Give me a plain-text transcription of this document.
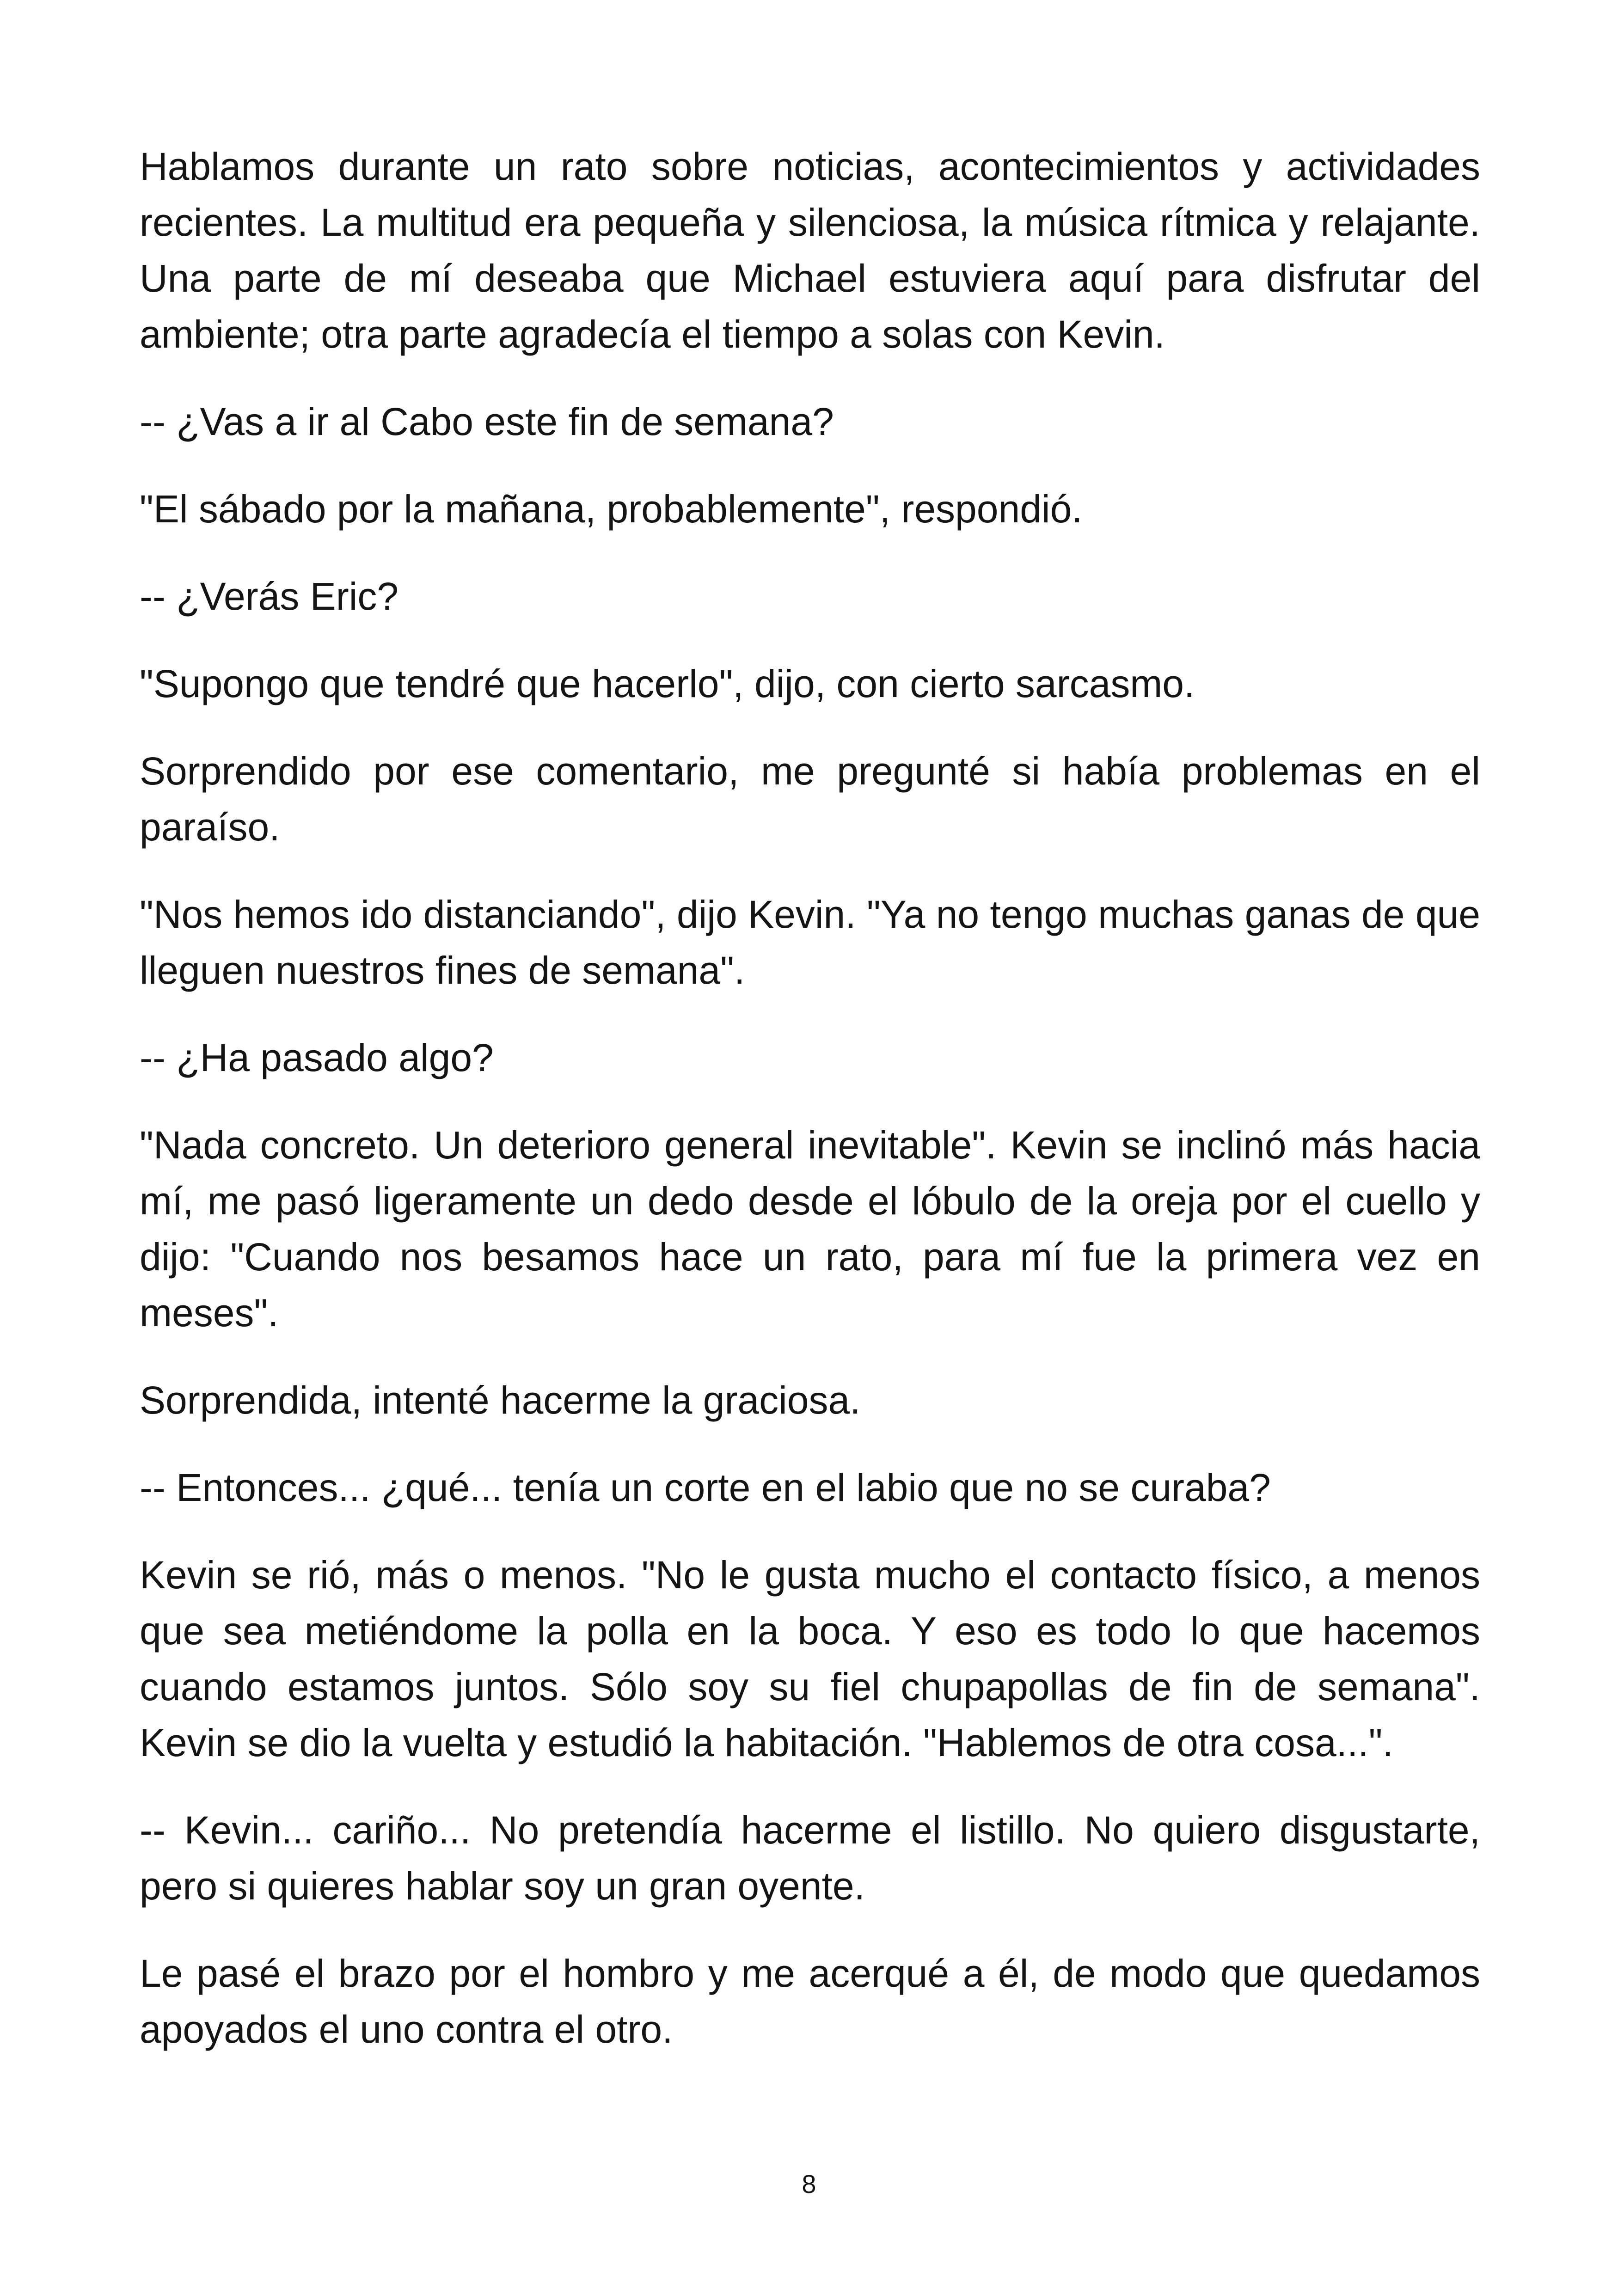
Hablamos durante un rato sobre noticias, acontecimientos y actividades recientes. La multitud era pequeña y silenciosa, la música rítmica y relajante. Una parte de mí deseaba que Michael estuviera aquí para disfrutar del ambiente; otra parte agradecía el tiempo a solas con Kevin.

-- ¿Vas a ir al Cabo este fin de semana?

"El sábado por la mañana, probablemente", respondió.

-- ¿Verás Eric?

"Supongo que tendré que hacerlo", dijo, con cierto sarcasmo.

Sorprendido por ese comentario, me pregunté si había problemas en el paraíso.

"Nos hemos ido distanciando", dijo Kevin. "Ya no tengo muchas ganas de que lleguen nuestros fines de semana".

-- ¿Ha pasado algo?

"Nada concreto. Un deterioro general inevitable". Kevin se inclinó más hacia mí, me pasó ligeramente un dedo desde el lóbulo de la oreja por el cuello y dijo: "Cuando nos besamos hace un rato, para mí fue la primera vez en meses".

Sorprendida, intenté hacerme la graciosa.

-- Entonces... ¿qué... tenía un corte en el labio que no se curaba?

Kevin se rió, más o menos. "No le gusta mucho el contacto físico, a menos que sea metiéndome la polla en la boca. Y eso es todo lo que hacemos cuando estamos juntos. Sólo soy su fiel chupapollas de fin de semana". Kevin se dio la vuelta y estudió la habitación. "Hablemos de otra cosa...".

-- Kevin... cariño... No pretendía hacerme el listillo. No quiero disgustarte, pero si quieres hablar soy un gran oyente.

Le pasé el brazo por el hombro y me acerqué a él, de modo que quedamos apoyados el uno contra el otro.

8
